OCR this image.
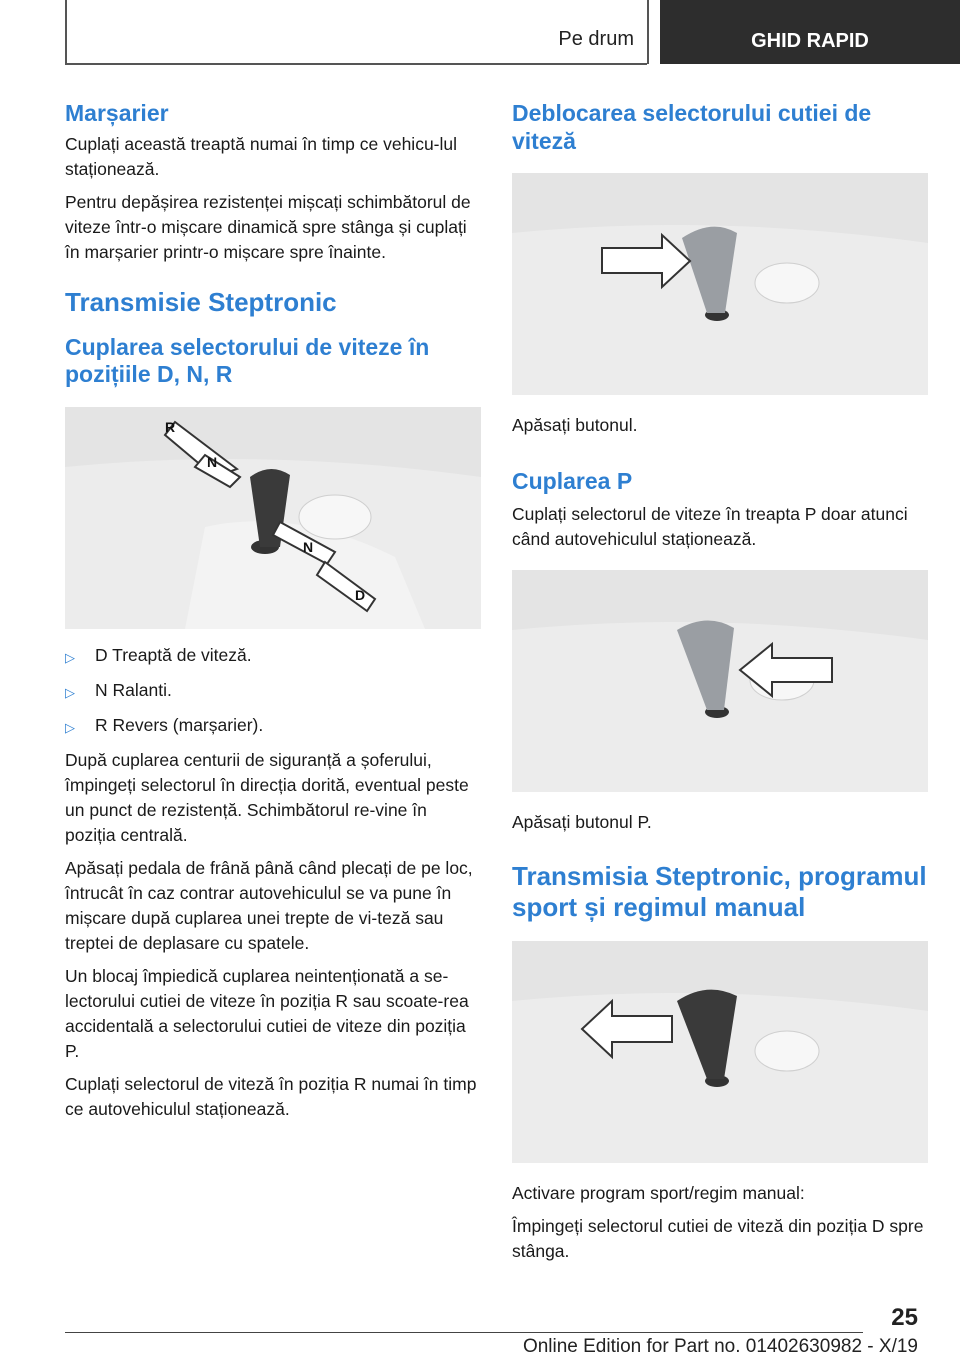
Pe drum	GHID RAPID
Marșarier

Cuplați această treaptă numai în timp ce vehicu-lul staționează.

Pentru depășirea rezistenței mișcați schimbătorul de viteze într-o mișcare dinamică spre stânga și cuplați în marșarier printr-o mișcare spre înainte.

Transmisie Steptronic
Cuplarea selectorului de viteze în pozițiile D, N, R
R
N
N
D
▷	D Treaptă de viteză.
▷	N Ralanti.
▷	R Revers (marșarier).

După cuplarea centurii de siguranță a șoferului, împingeți selectorul în direcția dorită, eventual peste un punct de rezistență. Schimbătorul re-vine în poziția centrală.

Apăsați pedala de frână până când plecați de pe loc, întrucât în caz contrar autovehiculul se va pune în mișcare după cuplarea unei trepte de vi-teză sau treptei de deplasare cu spatele.

Un blocaj împiedică cuplarea neintenționată a se-lectorului cutiei de viteze în poziția R sau scoate-rea accidentală a selectorului cutiei de viteze din poziția P.

Cuplați selectorul de viteză în poziția R numai în timp ce autovehiculul staționează.

Deblocarea selectorului cutiei de viteză

Apăsați butonul.

Cuplarea P

Cuplați selectorul de viteze în treapta P doar atunci când autovehiculul staționează.

Apăsați butonul P.

Transmisia Steptronic, programul sport și regimul manual

Activare program sport/regim manual:

Împingeți selectorul cutiei de viteză din poziția D spre stânga.

25
Online Edition for Part no. 01402630982 - X/19
